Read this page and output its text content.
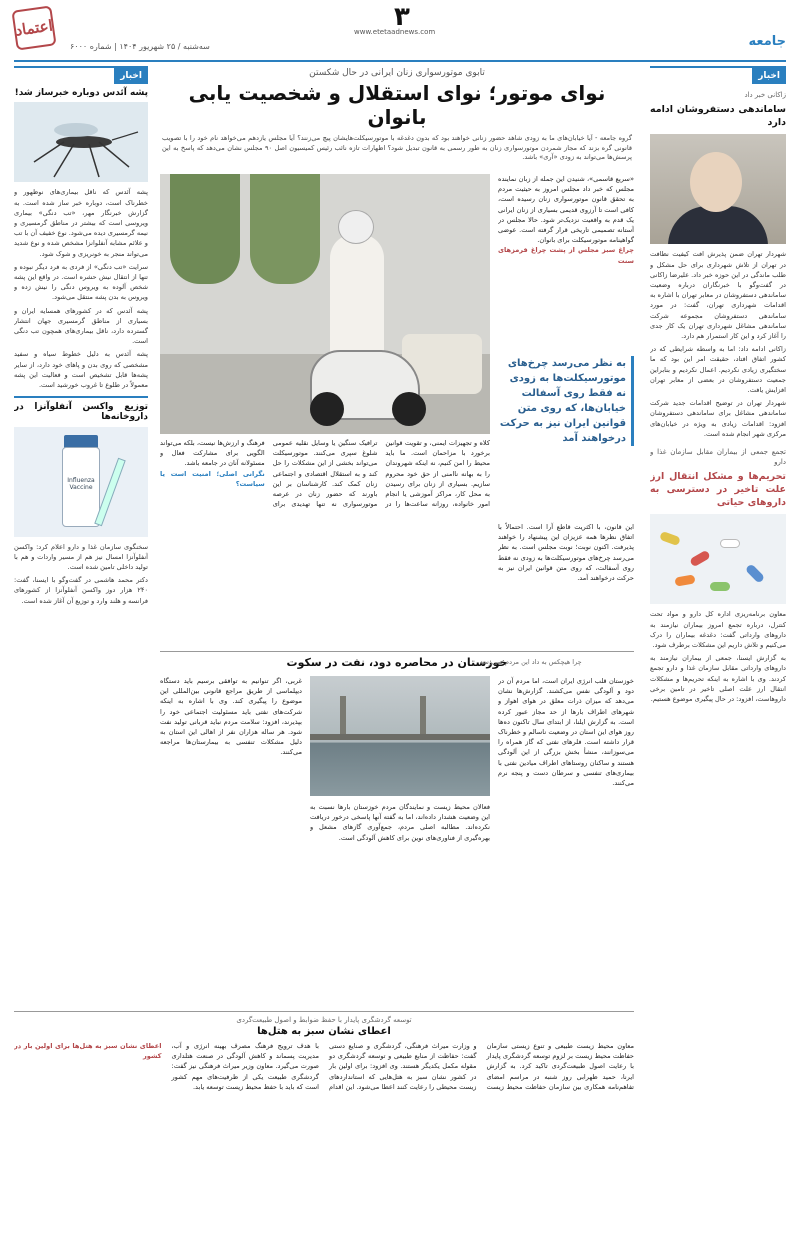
اعتماد
سه‌شنبه / ۲۵ شهریور ۱۴۰۴ | شماره ۶۰۰۰
۳
www.etetaadnews.com
جامعه
اخبار
زاکانی خبر داد
ساماندهی دستفروشان ادامه دارد

شهردار تهران ضمن پذیرش افت کیفیت نظافت در تهران از تلاش شهرداری برای حل مشکل و طلب ماندگی در این حوزه خبر داد. علیرضا زاکانی در گفت‌وگو با خبرنگاران درباره وضعیت ساماندهی دستفروشان در معابر تهران با اشاره به اقدامات شهرداری تهران، گفت: در مورد ساماندهی دستفروشان مجموعه شرکت ساماندهی مشاغل شهرداری تهران یک کار جدی را آغاز کرد و این کار استمرار هم دارد.

زاکانی ادامه داد: اما به واسطه شرایطی که در کشور اتفاق افتاد، حقیقت امر این بود که ما سختگیری زیادی نکردیم. اعمال نکردیم و بنابراین جمعیت دستفروشان در بعضی از معابر تهران افزایش یافت.

شهردار تهران در توضیح اقدامات جدید شرکت ساماندهی مشاغل برای ساماندهی دستفروشان افزود: اقدامات زیادی به ویژه در خیابان‌های مرکزی شهر انجام شده است.

تجمع جمعی از بیماران مقابل سازمان غذا و دارو
تحریم‌ها و مشکل انتقال ارز علت تاخیر در دسترسی به داروهای حیاتی

معاون برنامه‌ریزی اداره کل دارو و مواد تحت کنترل، درباره تجمع امروز بیماران نیازمند به داروهای وارداتی گفت: دغدغه بیماران را درک می‌کنیم و تلاش داریم این مشکلات برطرف شود.

به گزارش ایسنا، جمعی از بیماران نیازمند به داروهای وارداتی مقابل سازمان غذا و دارو تجمع کردند. وی با اشاره به اینکه تحریم‌ها و مشکلات انتقال ارز علت اصلی تاخیر در تامین برخی داروهاست، افزود: در حال پیگیری موضوع هستیم.

اخبار
پشه آئدس دوباره خبرساز شد!

پشه آئدس که ناقل بیماری‌های نوظهور و خطرناک است، دوباره خبر ساز شده است. به گزارش خبرنگار مهر، «تب دنگی» بیماری ویروسی است که بیشتر در مناطق گرمسیری و نیمه گرمسیری دیده می‌شود. نوع خفیف آن با تب و علائم مشابه آنفلوانزا مشخص شده و نوع شدید می‌تواند منجر به خونریزی و شوک شود.

سرایت «تب دنگی» از فردی به فرد دیگر نبوده و تنها از انتقال نیش حشره است. در واقع این پشه شخص آلوده به ویروس دنگی را نیش زده و ویروس به بدن پشه منتقل می‌شود.

پشه آئدس که در کشورهای همسایه ایران و بسیاری از مناطق گرمسیری جهان انتشار گسترده دارد، ناقل بیماری‌های همچون تب دنگی است.

پشه آئدس به دلیل خطوط سیاه و سفید مشخصی که روی بدن و پاهای خود دارد، از سایر پشه‌ها قابل تشخیص است و فعالیت این پشه معمولاً در طلوع تا غروب خورشید است.

توزیع واکسن آنفلوآنزا در داروخانه‌ها
Influenza Vaccine

سخنگوی سازمان غذا و دارو اعلام کرد: واکسن آنفلوآنزا امسال نیز هم از مسیر واردات و هم با تولید داخلی تامین شده است.

دکتر محمد هاشمی در گفت‌وگو با ایسنا، گفت: ۲۴۰ هزار دوز واکسن آنفلوآنزا از کشورهای فرانسه و هلند وارد و توزیع آن آغاز شده است.

تابوی موتورسواری زنان ایرانی در حال شکستن
نوای موتور؛ نوای استقلال و شخصیت یابی بانوان
گروه جامعه - آیا خیابان‌های ما به زودی شاهد حضور زنانی خواهند بود که بدون دغدغه با موتورسیکلت‌هایشان پیچ می‌زنند؟ آیا مجلس یازدهم می‌خواهد نام خود را با تصویب قانونی گره بزند که مجاز شمردن موتورسواری زنان به طور رسمی به قانون تبدیل شود؟ اظهارات تازه نائب رئیس کمیسیون اصل ۹۰ مجلس نشان می‌دهد که پاسخ به این پرسش‌ها می‌تواند به زودی «آری» باشد.

«سریع قاسمی»، شنیدن این جمله از زبان نماینده مجلس که خبر داد مجلس امروز به حیثیت مردم به تحقق قانون موتورسواری زنان رسیده است، کافی است تا آرزوی قدیمی بسیاری از زنان ایرانی یک قدم به واقعیت نزدیک‌تر شود. حالا مجلس در آستانه تصمیمی تاریخی قرار گرفته است. عوضی گواهینامه موتورسیکلت برای بانوان.

چراغ سبز مجلس از پشت چراغ قرمزهای سنت

به نظر می‌رسد چرخ‌های موتورسیکلت‌ها به زودی نه فقط روی آسفالت خیابان‌ها، که روی متن قوانین ایران نیز به حرکت درخواهند آمد

کلاه و تجهیزات ایمنی، و تقویت قوانین برخورد با مزاحمان است. ما باید محیط را امن کنیم، نه اینکه شهروندان را به بهانه ناامنی از حق خود محروم سازیم. بسیاری از زنان برای رسیدن به محل کار، مراکز آموزشی یا انجام امور خانواده، روزانه ساعت‌ها را در ترافیک سنگین یا وسایل نقلیه عمومی شلوغ سپری می‌کنند. موتورسیکلت می‌تواند بخشی از این مشکلات را حل کند و به استقلال اقتصادی و اجتماعی زنان کمک کند. کارشناسان بر این باورند که حضور زنان در عرصه موتورسواری نه تنها تهدیدی برای فرهنگ و ارزش‌ها نیست، بلکه می‌تواند الگویی برای مشارکت فعال و مسئولانه آنان در جامعه باشد.

نگرانی اصلی؛ امنیت است یا سیاست؟

این قانون، با اکثریت قاطع آرا است. احتمالاً با اتفاق نظرها همه عزیزان این پیشنهاد را خواهند پذیرفت. اکنون نوبت؛ نوبت مجلس است. به نظر می‌رسد چرخ‌های موتورسیکلت‌ها به زودی نه فقط روی آسفالت، که روی متن قوانین ایران نیز به حرکت درخواهند آمد.

خوزستان در محاصره دود، نفت در سکوت
چرا هیچکس به داد این مردم نمی‌رسد

خوزستان قلب انرژی ایران است، اما مردم آن در دود و آلودگی نفس می‌کشند. گزارش‌ها نشان می‌دهد که میزان ذرات معلق در هوای اهواز و شهرهای اطراف بارها از حد مجاز عبور کرده است. به گزارش ایلنا، از ابتدای سال تاکنون ده‌ها روز هوای این استان در وضعیت ناسالم و خطرناک قرار داشته است. فلرهای نفتی که گاز همراه را می‌سوزانند، منشأ بخش بزرگی از این آلودگی هستند و ساکنان روستاهای اطراف میادین نفتی با بیماری‌های تنفسی و سرطان دست و پنجه نرم می‌کنند.

فعالان محیط زیست و نمایندگان مردم خوزستان بارها نسبت به این وضعیت هشدار داده‌اند، اما به گفته آنها پاسخی درخور دریافت نکرده‌اند. مطالبه اصلی مردم، جمع‌آوری گازهای مشعل و بهره‌گیری از فناوری‌های نوین برای کاهش آلودگی است.

غربی، اگر تنوانیم به توافقی برسیم باید دستگاه دیپلماسی از طریق مراجع قانونی بین‌المللی این موضوع را پیگیری کند. وی با اشاره به اینکه شرکت‌های نفتی باید مسئولیت اجتماعی خود را بپذیرند، افزود: سلامت مردم نباید قربانی تولید نفت شود. هر ساله هزاران نفر از اهالی این استان به دلیل مشکلات تنفسی به بیمارستان‌ها مراجعه می‌کنند.

توسعه گردشگری پایدار با حفظ ضوابط و اصول طبیعت‌گردی
اعطای نشان سبز به هتل‌ها

معاون محیط زیست طبیعی و تنوع زیستی سازمان حفاظت محیط زیست بر لزوم توسعه گردشگری پایدار با رعایت اصول طبیعت‌گردی تاکید کرد. به گزارش ایرنا، حمید ظهرابی روز شنبه در مراسم امضای تفاهم‌نامه همکاری بین سازمان حفاظت محیط زیست و وزارت میراث فرهنگی، گردشگری و صنایع دستی گفت: حفاظت از منابع طبیعی و توسعه گردشگری دو مقوله مکمل یکدیگر هستند. وی افزود: برای اولین بار در کشور نشان سبز به هتل‌هایی که استانداردهای زیست محیطی را رعایت کنند اعطا می‌شود. این اقدام با هدف ترویج فرهنگ مصرف بهینه انرژی و آب، مدیریت پسماند و کاهش آلودگی در صنعت هتلداری صورت می‌گیرد. معاون وزیر میراث فرهنگی نیز گفت: گردشگری طبیعت یکی از ظرفیت‌های مهم کشور است که باید با حفظ محیط زیست توسعه یابد.

اعطای نشان سبز به هتل‌ها برای اولین بار در کشور
